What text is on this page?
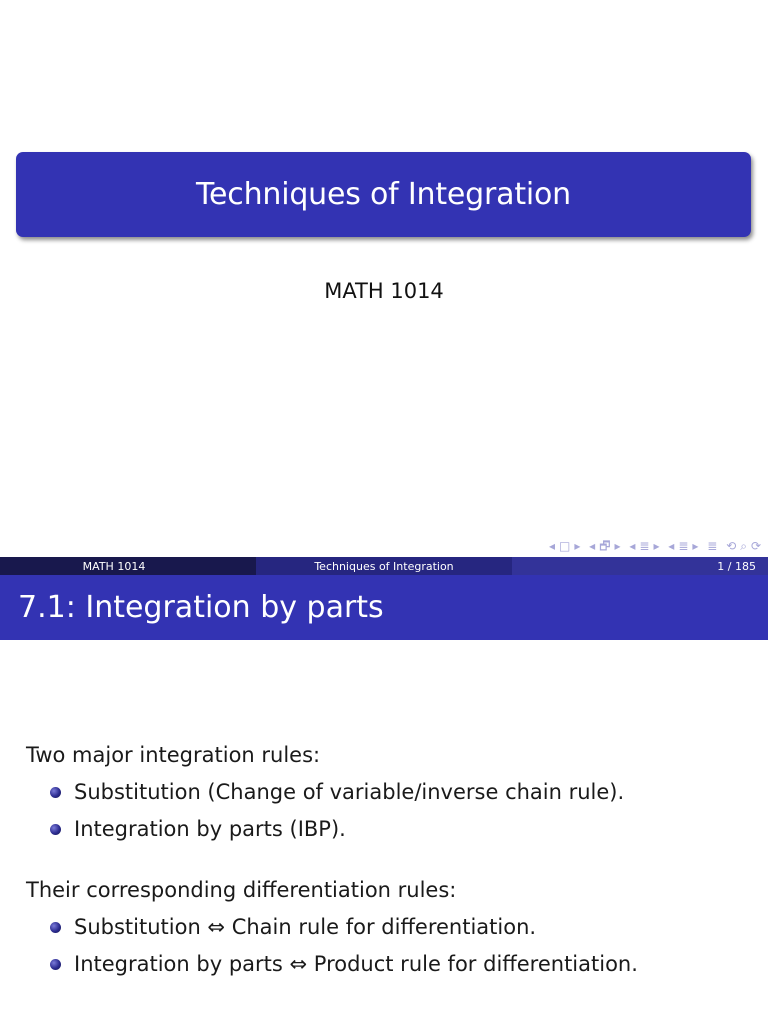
Techniques of Integration
MATH 1014
◂ □ ▸ ◂ 🗗 ▸ ◂ ≣ ▸ ◂ ≣ ▸ ≣ ⟲ ⌕ ⟳
MATH 1014	Techniques of Integration	1 / 185
7.1: Integration by parts

Two major integration rules:

Substitution (Change of variable/inverse chain rule).
Integration by parts (IBP).

Their corresponding differentiation rules:

Substitution ⇔ Chain rule for differentiation.
Integration by parts ⇔ Product rule for differentiation.
